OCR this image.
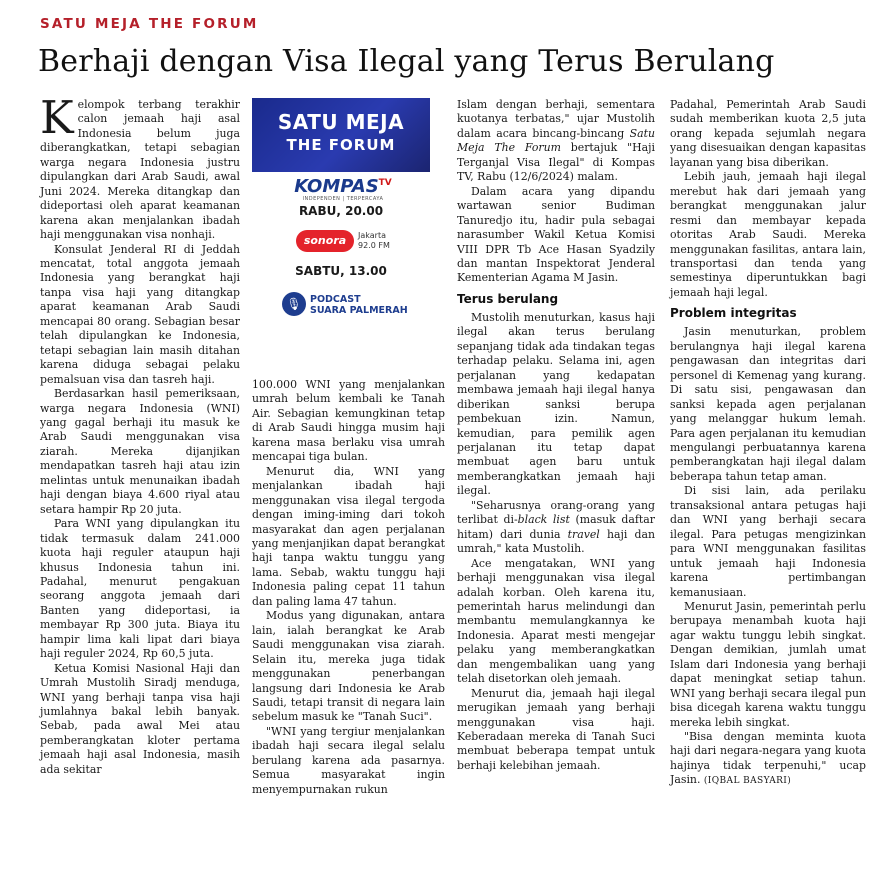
SATU MEJA THE FORUM
Berhaji dengan Visa Ilegal yang Terus Berulang

Kelompok terbang terakhir calon jemaah haji asal Indonesia belum juga diberangkatkan, tetapi sebagian warga negara Indonesia justru dipulangkan dari Arab Saudi, awal Juni 2024. Mereka ditangkap dan dideportasi oleh aparat keamanan karena akan menjalankan ibadah haji menggunakan visa nonhaji.

Konsulat Jenderal RI di Jeddah mencatat, total anggota jemaah Indonesia yang berangkat haji tanpa visa haji yang ditangkap aparat keamanan Arab Saudi mencapai 80 orang. Sebagian besar telah dipulangkan ke Indonesia, tetapi sebagian lain masih ditahan karena diduga sebagai pelaku pemalsuan visa dan tasreh haji.

Berdasarkan hasil pemeriksaan, warga negara Indonesia (WNI) yang gagal berhaji itu masuk ke Arab Saudi menggunakan visa ziarah. Mereka dijanjikan mendapatkan tasreh haji atau izin melintas untuk menunaikan ibadah haji dengan biaya 4.600 riyal atau setara hampir Rp 20 juta.

Para WNI yang dipulangkan itu tidak termasuk dalam 241.000 kuota haji reguler ataupun haji khusus Indonesia tahun ini. Padahal, menurut pengakuan seorang anggota jemaah dari Banten yang dideportasi, ia membayar Rp 300 juta. Biaya itu hampir lima kali lipat dari biaya haji reguler 2024, Rp 60,5 juta.

Ketua Komisi Nasional Haji dan Umrah Mustolih Siradj menduga, WNI yang berhaji tanpa visa haji jumlahnya bakal lebih banyak. Sebab, pada awal Mei atau pemberangkatan kloter pertama jemaah haji asal Indonesia, masih ada sekitar

SATU MEJA
THE FORUM
$KOMPAS^{TV}$
INDEPENDEN | TERPERCAYA
RABU, 20.00
sonora	Jakarta
92.0 FM
SABTU, 13.00
🎙 PODCAST
SUARA PALMERAH

100.000 WNI yang menjalankan umrah belum kembali ke Tanah Air. Sebagian kemungkinan tetap di Arab Saudi hingga musim haji karena masa berlaku visa umrah mencapai tiga bulan.

Menurut dia, WNI yang menjalankan ibadah haji menggunakan visa ilegal tergoda dengan iming-iming dari tokoh masyarakat dan agen perjalanan yang menjanjikan dapat berangkat haji tanpa waktu tunggu yang lama. Sebab, waktu tunggu haji Indonesia paling cepat 11 tahun dan paling lama 47 tahun.

Modus yang digunakan, antara lain, ialah berangkat ke Arab Saudi menggunakan visa ziarah. Selain itu, mereka juga tidak menggunakan penerbangan langsung dari Indonesia ke Arab Saudi, tetapi transit di negara lain sebelum masuk ke "Tanah Suci".

"WNI yang tergiur menjalankan ibadah haji secara ilegal selalu berulang karena ada pasarnya. Semua masyarakat ingin menyempurnakan rukun

Islam dengan berhaji, sementara kuotanya terbatas," ujar Mustolih dalam acara bincang-bincang Satu Meja The Forum bertajuk "Haji Terganjal Visa Ilegal" di Kompas TV, Rabu (12/6/2024) malam.

Dalam acara yang dipandu wartawan senior Budiman Tanuredjo itu, hadir pula sebagai narasumber Wakil Ketua Komisi VIII DPR Tb Ace Hasan Syadzily dan mantan Inspektorat Jenderal Kementerian Agama M Jasin.

Terus berulang

Mustolih menuturkan, kasus haji ilegal akan terus berulang sepanjang tidak ada tindakan tegas terhadap pelaku. Selama ini, agen perjalanan yang kedapatan membawa jemaah haji ilegal hanya diberikan sanksi berupa pembekuan izin. Namun, kemudian, para pemilik agen perjalanan itu tetap dapat membuat agen baru untuk memberangkatkan jemaah haji ilegal.

"Seharusnya orang-orang yang terlibat di-black list (masuk daftar hitam) dari dunia travel haji dan umrah," kata Mustolih.

Ace mengatakan, WNI yang berhaji menggunakan visa ilegal adalah korban. Oleh karena itu, pemerintah harus melindungi dan membantu memulangkannya ke Indonesia. Aparat mesti mengejar pelaku yang memberangkatkan dan mengembalikan uang yang telah disetorkan oleh jemaah.

Menurut dia, jemaah haji ilegal merugikan jemaah yang berhaji menggunakan visa haji. Keberadaan mereka di Tanah Suci membuat beberapa tempat untuk berhaji kelebihan jemaah.

Padahal, Pemerintah Arab Saudi sudah memberikan kuota 2,5 juta orang kepada sejumlah negara yang disesuaikan dengan kapasitas layanan yang bisa diberikan.

Lebih jauh, jemaah haji ilegal merebut hak dari jemaah yang berangkat menggunakan jalur resmi dan membayar kepada otoritas Arab Saudi. Mereka menggunakan fasilitas, antara lain, transportasi dan tenda yang semestinya diperuntukkan bagi jemaah haji legal.

Problem integritas

Jasin menuturkan, problem berulangnya haji ilegal karena pengawasan dan integritas dari personel di Kemenag yang kurang. Di satu sisi, pengawasan dan sanksi kepada agen perjalanan yang melanggar hukum lemah. Para agen perjalanan itu kemudian mengulangi perbuatannya karena pemberangkatan haji ilegal dalam beberapa tahun tetap aman.

Di sisi lain, ada perilaku transaksional antara petugas haji dan WNI yang berhaji secara ilegal. Para petugas mengizinkan para WNI menggunakan fasilitas untuk jemaah haji Indonesia karena pertimbangan kemanusiaan.

Menurut Jasin, pemerintah perlu berupaya menambah kuota haji agar waktu tunggu lebih singkat. Dengan demikian, jumlah umat Islam dari Indonesia yang berhaji dapat meningkat setiap tahun. WNI yang berhaji secara ilegal pun bisa dicegah karena waktu tunggu mereka lebih singkat.

"Bisa dengan meminta kuota haji dari negara-negara yang kuota hajinya tidak terpenuhi," ucap Jasin. (IQBAL BASYARI)
